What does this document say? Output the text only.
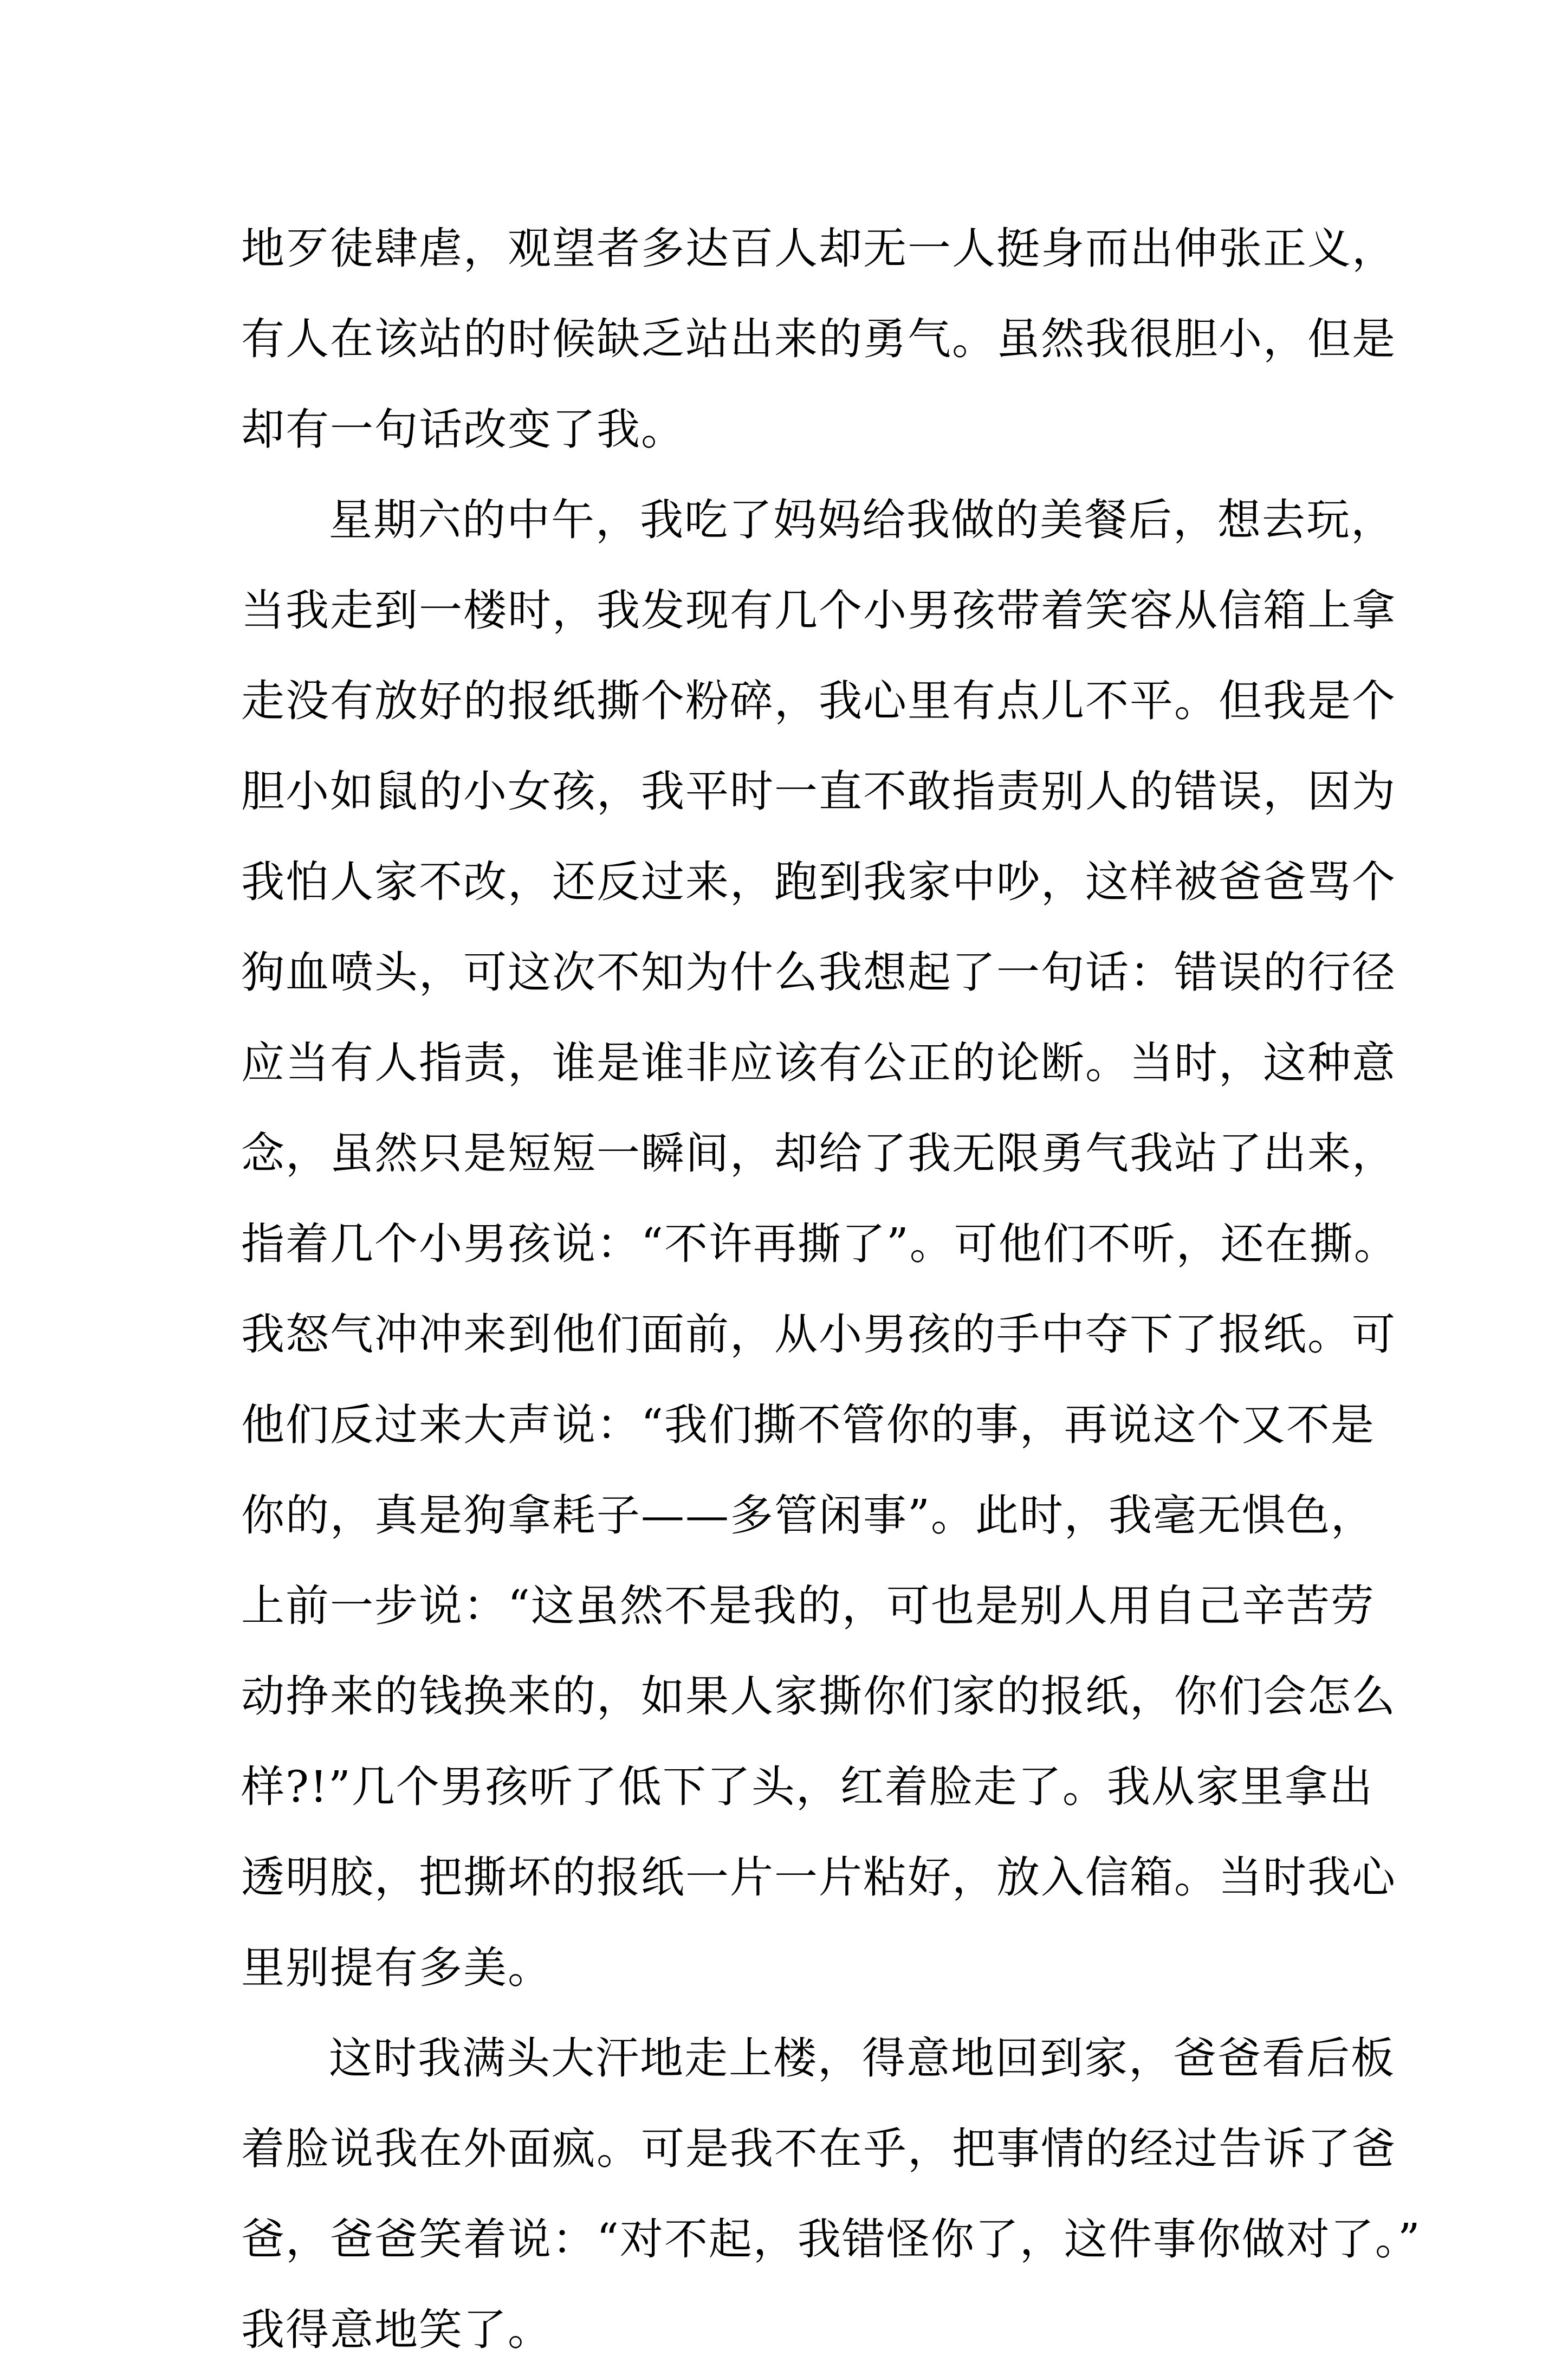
地歹徒肆虐，观望者多达百人却无一人挺身而出伸张正义，
有人在该站的时候缺乏站出来的勇气。虽然我很胆小，但是
却有一句话改变了我。
星期六的中午，我吃了妈妈给我做的美餐后，想去玩，
当我走到一楼时，我发现有几个小男孩带着笑容从信箱上拿
走没有放好的报纸撕个粉碎，我心里有点儿不平。但我是个
胆小如鼠的小女孩，我平时一直不敢指责别人的错误，因为
我怕人家不改，还反过来，跑到我家中吵，这样被爸爸骂个
狗血喷头，可这次不知为什么我想起了一句话：错误的行径
应当有人指责，谁是谁非应该有公正的论断。当时，这种意
念，虽然只是短短一瞬间，却给了我无限勇气我站了出来，
指着几个小男孩说：“不许再撕了”。可他们不听，还在撕。
我怒气冲冲来到他们面前，从小男孩的手中夺下了报纸。可
他们反过来大声说：“我们撕不管你的事，再说这个又不是
你的，真是狗拿耗子——多管闲事”。此时，我毫无惧色，
上前一步说：“这虽然不是我的，可也是别人用自己辛苦劳
动挣来的钱换来的，如果人家撕你们家的报纸，你们会怎么
样?!”几个男孩听了低下了头，红着脸走了。我从家里拿出
透明胶，把撕坏的报纸一片一片粘好，放入信箱。当时我心
里别提有多美。
这时我满头大汗地走上楼，得意地回到家，爸爸看后板
着脸说我在外面疯。可是我不在乎，把事情的经过告诉了爸
爸，爸爸笑着说：“对不起，我错怪你了，这件事你做对了。”
我得意地笑了。
